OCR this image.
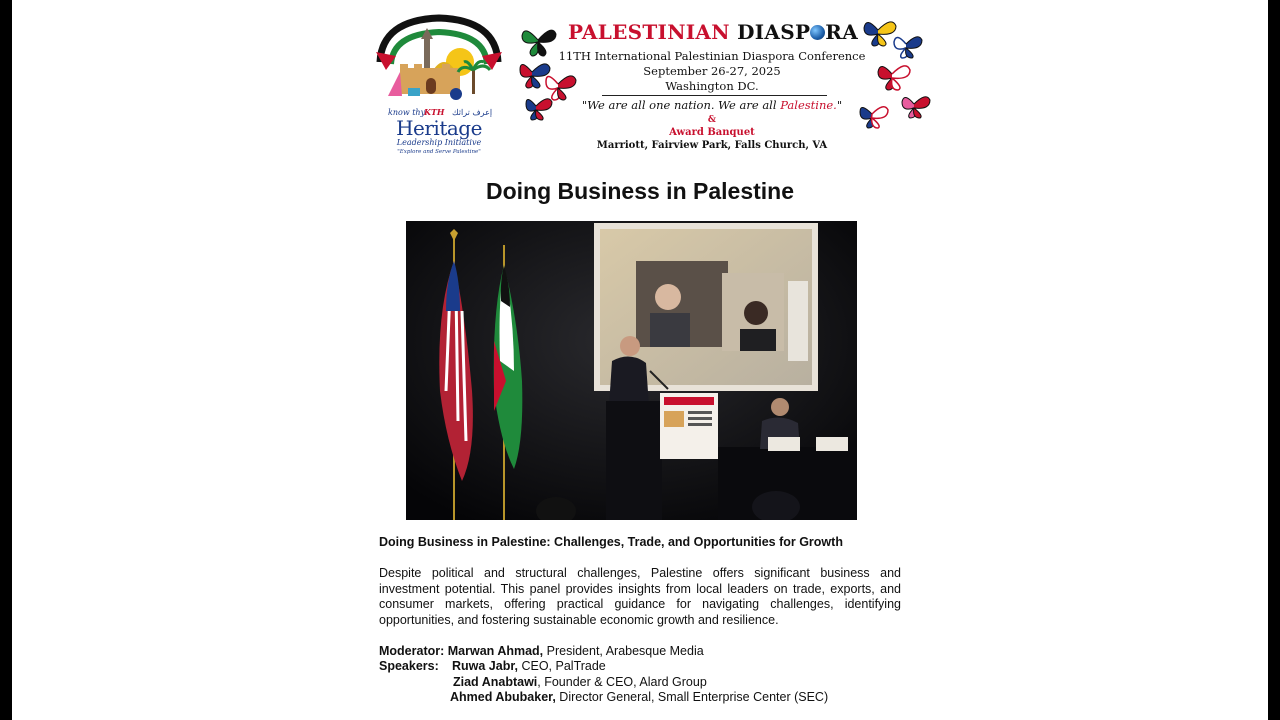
know thy
KTH إعرف تراثك
Heritage
Leadership Initiative
"Explore and Serve Palestine"
PALESTINIAN DIASP RA
11TH International Palestinian Diaspora Conference
September 26-27, 2025
Washington DC.
"We are all one nation. We are all Palestine."
&
Award Banquet
Marriott, Fairview Park, Falls Church, VA
Doing Business in Palestine
Doing Business in Palestine: Challenges, Trade, and Opportunities for Growth
Despite political and structural challenges, Palestine offers significant business and investment potential. This panel provides insights from local leaders on trade, exports, and consumer markets, offering practical guidance for navigating challenges, identifying opportunities, and fostering sustainable economic growth and resilience.
Moderator: Marwan Ahmad, President, Arabesque Media
Speakers: Ruwa Jabr, CEO, PalTrade
Ziad Anabtawi, Founder & CEO, Alard Group
Ahmed Abubaker, Director General, Small Enterprise Center (SEC)
